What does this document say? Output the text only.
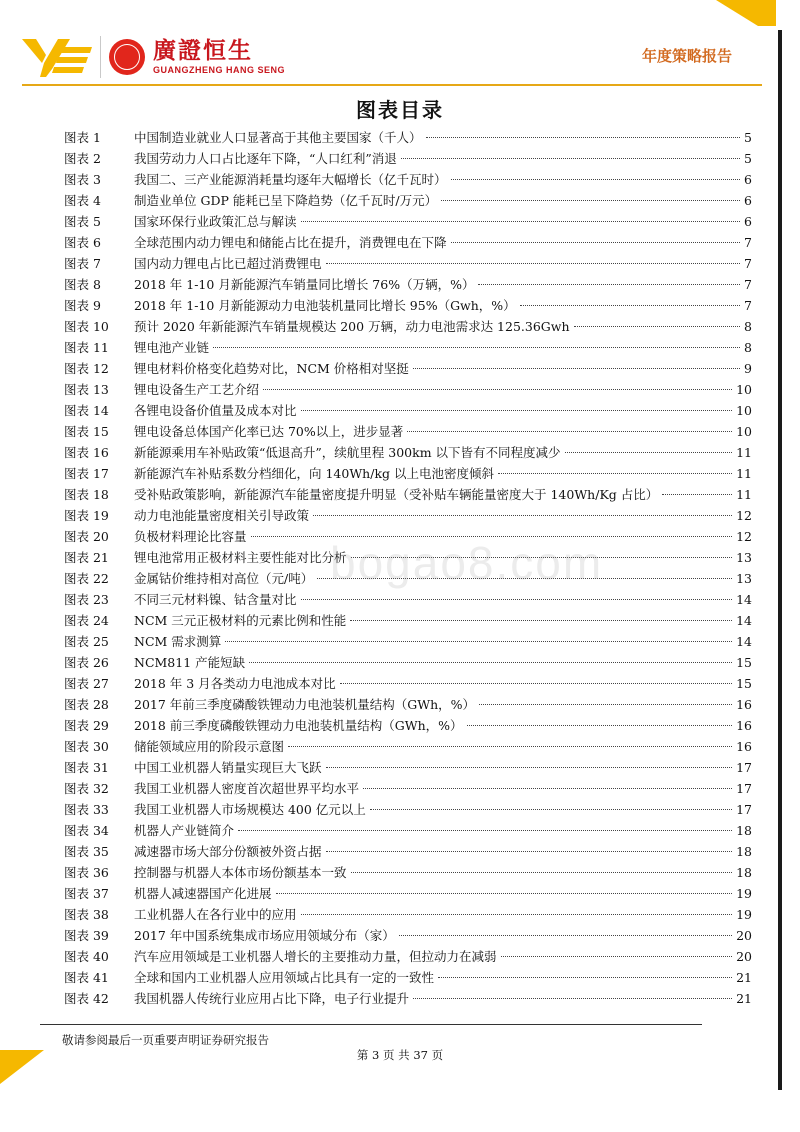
廣證恒生
GUANGZHENG HANG SENG
年度策略报告
图表目录
图表 1	中国制造业就业人口显著高于其他主要国家（千人）	5
图表 2	我国劳动力人口占比逐年下降，“人口红利”消退	5
图表 3	我国二、三产业能源消耗量均逐年大幅增长（亿千瓦时）	6
图表 4	制造业单位 GDP 能耗已呈下降趋势（亿千瓦时/万元）	6
图表 5	国家环保行业政策汇总与解读	6
图表 6	全球范围内动力锂电和储能占比在提升，消费锂电在下降	7
图表 7	国内动力锂电占比已超过消费锂电	7
图表 8	2018 年 1-10 月新能源汽车销量同比增长 76%（万辆，%）	7
图表 9	2018 年 1-10 月新能源动力电池装机量同比增长 95%（Gwh，%）	7
图表 10	预计 2020 年新能源汽车销量规模达 200 万辆，动力电池需求达 125.36Gwh	8
图表 11	锂电池产业链	8
图表 12	锂电材料价格变化趋势对比，NCM 价格相对坚挺	9
图表 13	锂电设备生产工艺介绍	10
图表 14	各锂电设备价值量及成本对比	10
图表 15	锂电设备总体国产化率已达 70%以上，进步显著	10
图表 16	新能源乘用车补贴政策“低退高升”，续航里程 300km 以下皆有不同程度减少	11
图表 17	新能源汽车补贴系数分档细化，向 140Wh/kg 以上电池密度倾斜	11
图表 18	受补贴政策影响，新能源汽车能量密度提升明显（受补贴车辆能量密度大于 140Wh/Kg 占比）	11
图表 19	动力电池能量密度相关引导政策	12
图表 20	负极材料理论比容量	12
图表 21	锂电池常用正极材料主要性能对比分析	13
图表 22	金属钴价维持相对高位（元/吨）	13
图表 23	不同三元材料镍、钴含量对比	14
图表 24	NCM 三元正极材料的元素比例和性能	14
图表 25	NCM 需求测算	14
图表 26	NCM811 产能短缺	15
图表 27	2018 年 3 月各类动力电池成本对比	15
图表 28	2017 年前三季度磷酸铁锂动力电池装机量结构（GWh，%）	16
图表 29	2018 前三季度磷酸铁锂动力电池装机量结构（GWh，%）	16
图表 30	储能领域应用的阶段示意图	16
图表 31	中国工业机器人销量实现巨大飞跃	17
图表 32	我国工业机器人密度首次超世界平均水平	17
图表 33	我国工业机器人市场规模达 400 亿元以上	17
图表 34	机器人产业链简介	18
图表 35	减速器市场大部分份额被外资占据	18
图表 36	控制器与机器人本体市场份额基本一致	18
图表 37	机器人减速器国产化进展	19
图表 38	工业机器人在各行业中的应用	19
图表 39	2017 年中国系统集成市场应用领域分布（家）	20
图表 40	汽车应用领域是工业机器人增长的主要推动力量，但拉动力在减弱	20
图表 41	全球和国内工业机器人应用领域占比具有一定的一致性	21
图表 42	我国机器人传统行业应用占比下降，电子行业提升	21
bogao8.com
敬请参阅最后一页重要声明证券研究报告
第 3 页 共 37 页
